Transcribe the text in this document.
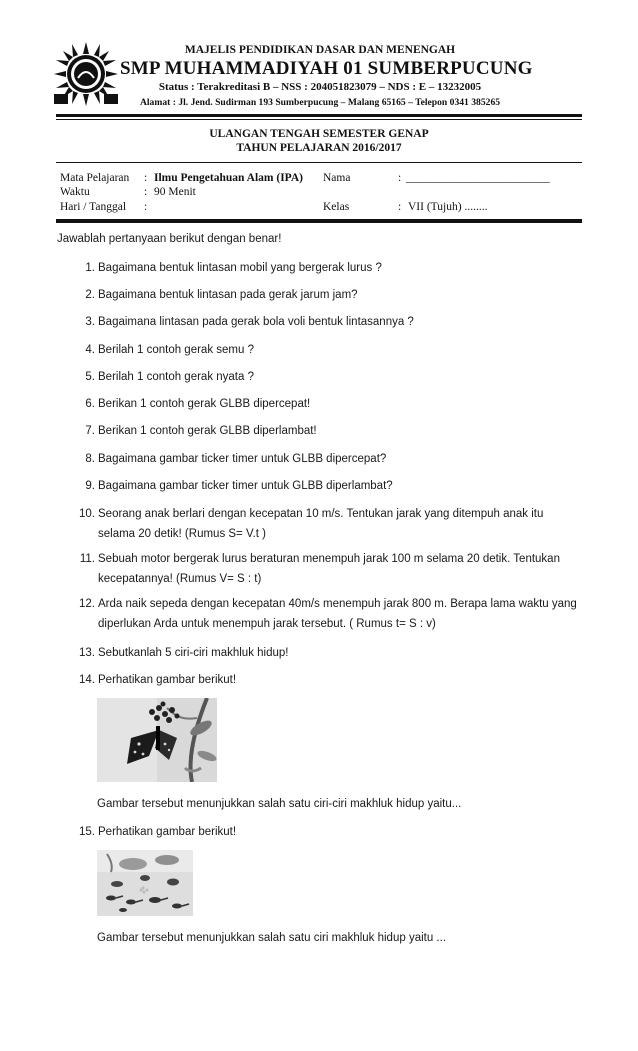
MAJELIS PENDIDIKAN DASAR DAN MENENGAH
SMP MUHAMMADIYAH 01 SUMBERPUCUNG
Status : Terakreditasi B – NSS : 204051823079 – NDS : E – 13232005
Alamat : Jl. Jend. Sudirman 193 Sumberpucung – Malang 65165 – Telepon 0341 385265
ULANGAN TENGAH SEMESTER GENAP
TAHUN PELAJARAN 2016/2017
Mata Pelajaran : Ilmu Pengetahuan Alam (IPA) Nama	: _________________________
Waktu	: 90 Menit
Hari / Tanggal :	Kelas	: VII (Tujuh) ........
Jawablah pertanyaan berikut dengan benar!
1. Bagaimana bentuk lintasan mobil yang bergerak lurus ?
2. Bagaimana bentuk lintasan pada gerak jarum jam?
3. Bagaimana lintasan pada gerak bola voli bentuk lintasannya ?
4. Berilah 1 contoh gerak semu ?
5. Berilah 1 contoh gerak nyata ?
6. Berikan 1 contoh gerak GLBB dipercepat!
7. Berikan 1 contoh gerak GLBB diperlambat!
8. Bagaimana gambar ticker timer untuk GLBB dipercepat?
9. Bagaimana gambar ticker timer untuk GLBB diperlambat?
10. Seorang anak berlari dengan kecepatan 10 m/s. Tentukan jarak yang ditempuh anak itu selama 20 detik! (Rumus S= V.t )
11. Sebuah motor bergerak lurus beraturan menempuh jarak 100 m selama 20 detik. Tentukan kecepatannya! (Rumus V= S : t)
12. Arda naik sepeda dengan kecepatan 40m/s menempuh jarak 800 m. Berapa lama waktu yang diperlukan Arda untuk menempuh jarak tersebut. ( Rumus t= S : v)
13. Sebutkanlah 5 ciri-ciri makhluk hidup!
14. Perhatikan gambar berikut!
Gambar tersebut menunjukkan salah satu ciri-ciri makhluk hidup yaitu...
15. Perhatikan gambar berikut!
Gambar tersebut menunjukkan salah satu ciri makhluk hidup yaitu ...
